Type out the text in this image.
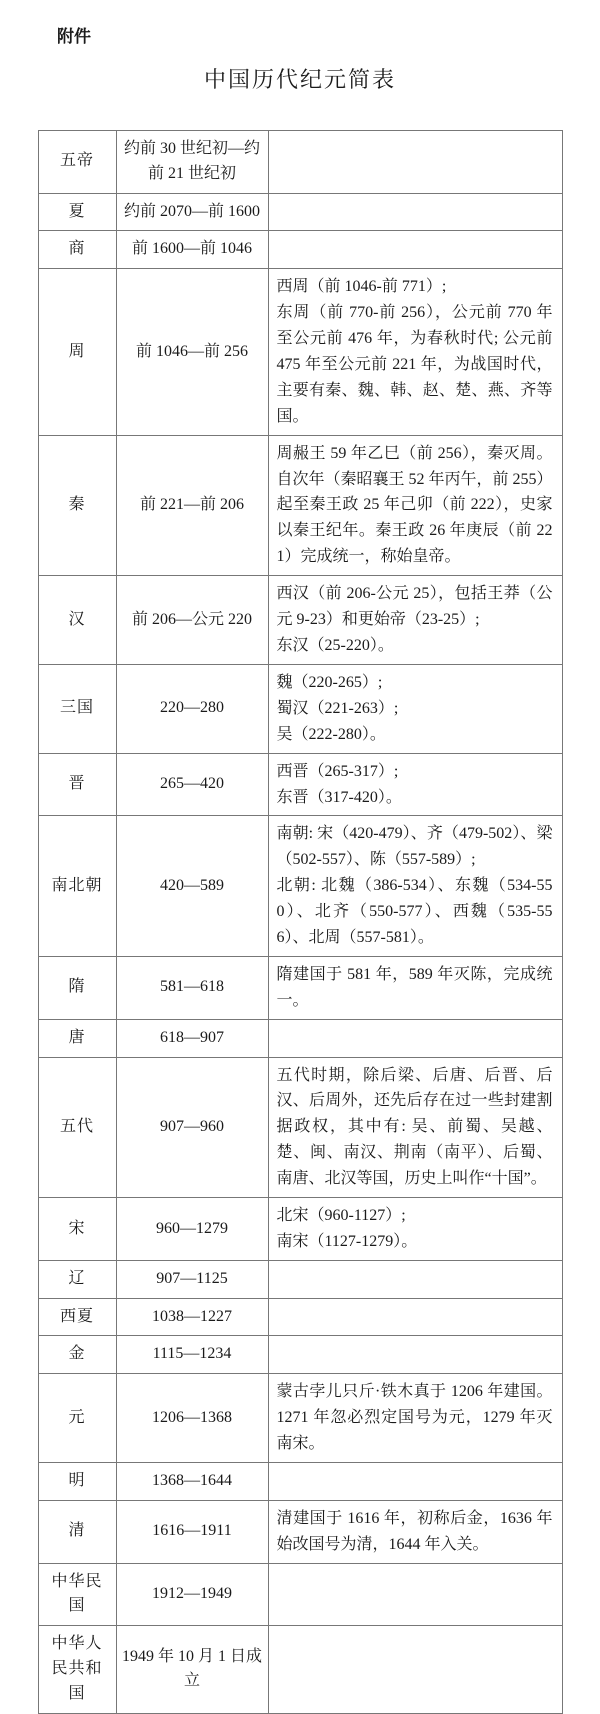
附件
中国历代纪元简表
五帝	约前 30 世纪初—约前 21 世纪初	
夏	约前 2070—前 1600	
商	前 1600—前 1046	
周	前 1046—前 256	西周（前 1046-前 771）;
东周（前 770-前 256），公元前 770 年至公元前 476 年，为春秋时代; 公元前 475 年至公元前 221 年，为战国时代，主要有秦、魏、韩、赵、楚、燕、齐等国。

秦	前 221—前 206	周赧王 59 年乙巳（前 256），秦灭周。自次年（秦昭襄王 52 年丙午，前 255）起至秦王政 25 年己卯（前 222），史家以秦王纪年。秦王政 26 年庚辰（前 221）完成统一，称始皇帝。

汉	前 206—公元 220	西汉（前 206-公元 25），包括王莽（公元 9-23）和更始帝（23-25）;
东汉（25-220）。

三国	220—280	魏（220-265）;
蜀汉（221-263）;
吴（222-280）。

晋	265—420	西晋（265-317）;
东晋（317-420）。

南北朝	420—589	南朝: 宋（420-479）、齐（479-502）、梁（502-557）、陈（557-589）;
北朝: 北魏（386-534）、东魏（534-550）、北齐（550-577）、西魏（535-556）、北周（557-581）。

隋	581—618	隋建国于 581 年，589 年灭陈，完成统一。

唐	618—907	
五代	907—960	五代时期，除后梁、后唐、后晋、后汉、后周外，还先后存在过一些封建割据政权，其中有: 吴、前蜀、吴越、楚、闽、南汉、荆南（南平）、后蜀、南唐、北汉等国，历史上叫作“十国”。

宋	960—1279	北宋（960-1127）;
南宋（1127-1279）。

辽	907—1125	
西夏	1038—1227	
金	1115—1234	
元	1206—1368	蒙古孛儿只斤·铁木真于 1206 年建国。1271 年忽必烈定国号为元，1279 年灭南宋。

明	1368—1644	
清	1616—1911	清建国于 1616 年，初称后金，1636 年始改国号为清，1644 年入关。

中华民国	1912—1949	
中华人民共和国	1949 年 10 月 1 日成立	
